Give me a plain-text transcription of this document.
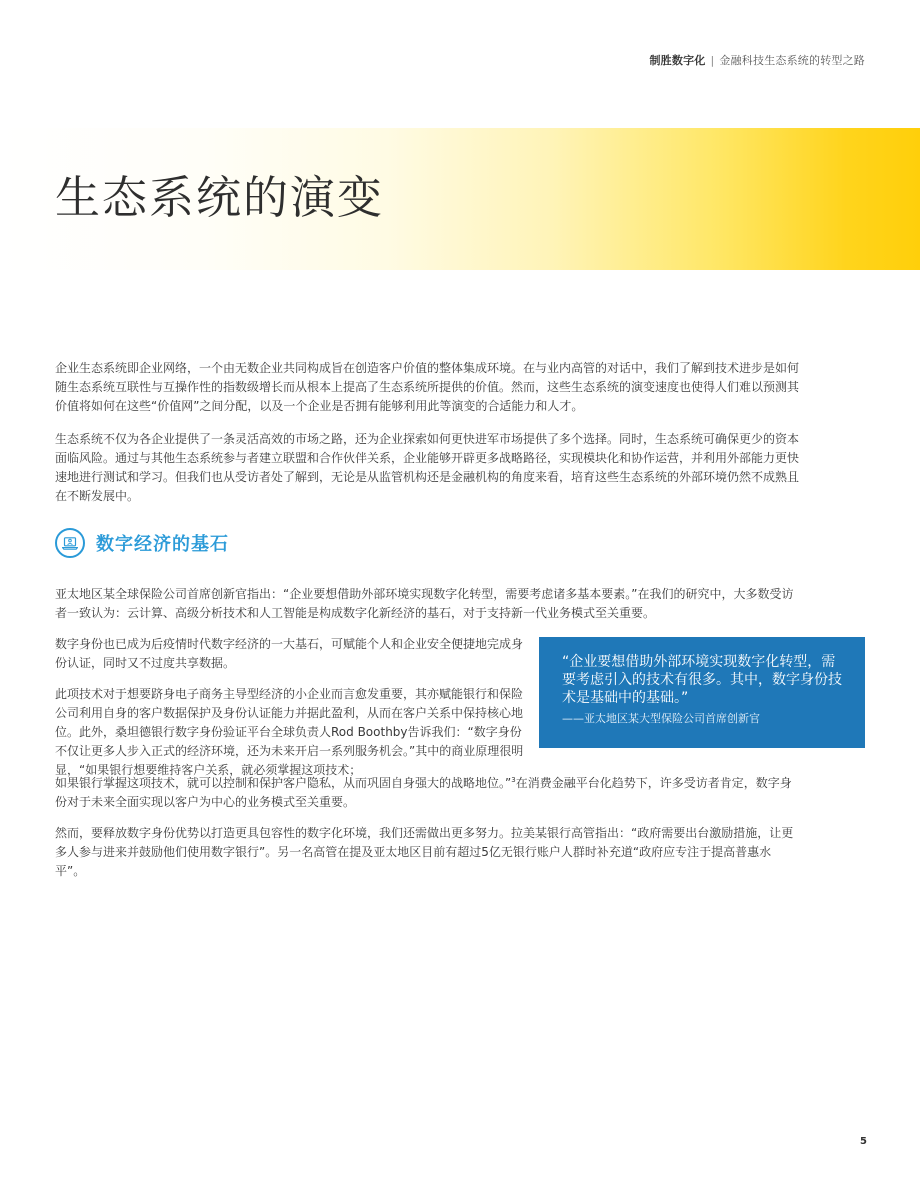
制胜数字化 | 金融科技生态系统的转型之路
生态系统的演变

企业生态系统即企业网络，一个由无数企业共同构成旨在创造客户价值的整体集成环境。在与业内高管的对话中，我们了解到技术进步是如何随生态系统互联性与互操作性的指数级增长而从根本上提高了生态系统所提供的价值。然而，这些生态系统的演变速度也使得人们难以预测其价值将如何在这些“价值网”之间分配，以及一个企业是否拥有能够利用此等演变的合适能力和人才。

生态系统不仅为各企业提供了一条灵活高效的市场之路，还为企业探索如何更快进军市场提供了多个选择。同时，生态系统可确保更少的资本面临风险。通过与其他生态系统参与者建立联盟和合作伙伴关系，企业能够开辟更多战略路径，实现模块化和协作运营，并利用外部能力更快速地进行测试和学习。但我们也从受访者处了解到，无论是从监管机构还是金融机构的角度来看，培育这些生态系统的外部环境仍然不成熟且在不断发展中。

数字经济的基石

亚太地区某全球保险公司首席创新官指出：“企业要想借助外部环境实现数字化转型，需要考虑诸多基本要素。”在我们的研究中，大多数受访者一致认为：云计算、高级分析技术和人工智能是构成数字化新经济的基石，对于支持新一代业务模式至关重要。

数字身份也已成为后疫情时代数字经济的一大基石，可赋能个人和企业安全便捷地完成身份认证，同时又不过度共享数据。

此项技术对于想要跻身电子商务主导型经济的小企业而言愈发重要，其亦赋能银行和保险公司利用自身的客户数据保护及身份认证能力并据此盈利，从而在客户关系中保持核心地位。此外，桑坦德银行数字身份验证平台全球负责人Rod Boothby告诉我们：“数字身份不仅让更多人步入正式的经济环境，还为未来开启一系列服务机会。”其中的商业原理很明显，“如果银行想要维持客户关系，就必须掌握这项技术；

如果银行掌握这项技术，就可以控制和保护客户隐私，从而巩固自身强大的战略地位。”$^3$在消费金融平台化趋势下，许多受访者肯定，数字身份对于未来全面实现以客户为中心的业务模式至关重要。

然而，要释放数字身份优势以打造更具包容性的数字化环境，我们还需做出更多努力。拉美某银行高管指出：“政府需要出台激励措施，让更多人参与进来并鼓励他们使用数字银行”。另一名高管在提及亚太地区目前有超过5亿无银行账户人群时补充道“政府应专注于提高普惠水平”。

“企业要想借助外部环境实现数字化转型，需要考虑引入的技术有很多。其中，数字身份技术是基础中的基础。”

——亚太地区某大型保险公司首席创新官

5
